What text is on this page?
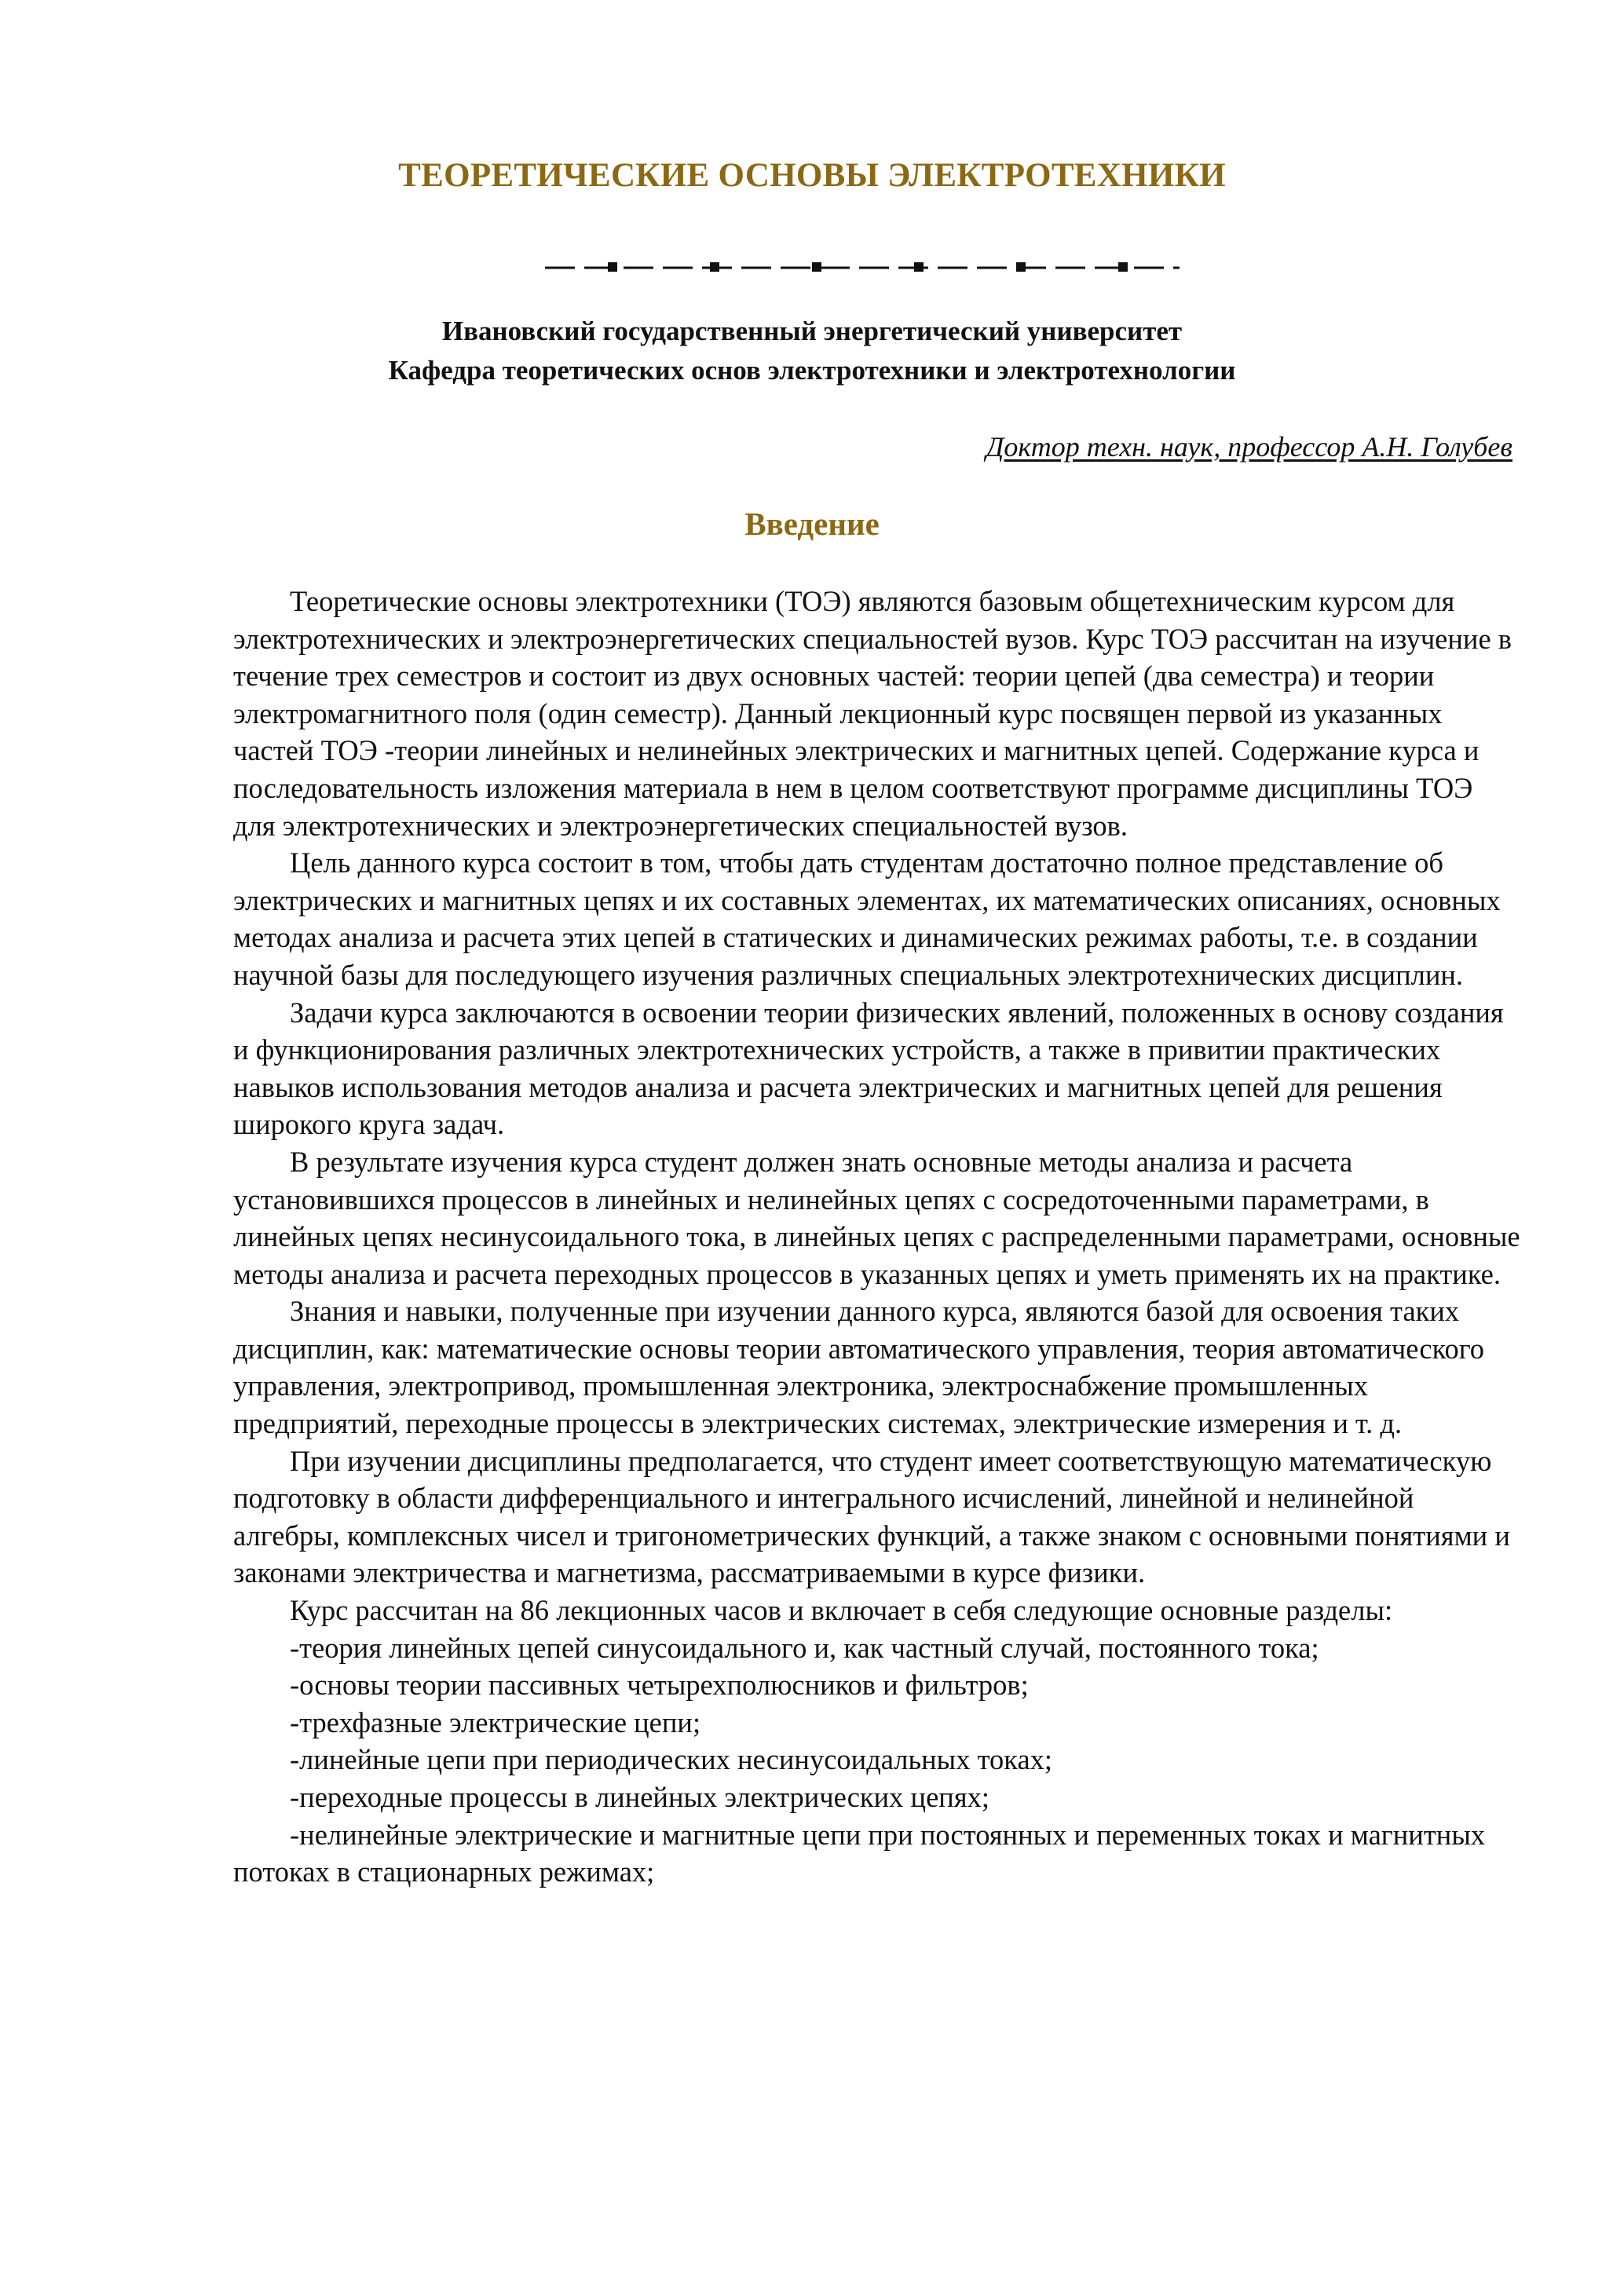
ТЕОРЕТИЧЕСКИЕ ОСНОВЫ ЭЛЕКТРОТЕХНИКИ

Ивановский государственный энергетический университет

Кафедра теоретических основ электротехники и электротехнологии

Доктор техн. наук, профессор А.Н. Голубев

Введение

Теоретические основы электротехники (ТОЭ) являются базовым общетехническим курсом для электротехнических и электроэнергетических специальностей вузов. Курс ТОЭ рассчитан на изучение в течение трех семестров и состоит из двух основных частей: теории цепей (два семестра) и теории электромагнитного поля (один семестр). Данный лекционный курс посвящен первой из указанных частей ТОЭ -теории линейных и нелинейных электрических и магнитных цепей. Содержание курса и последовательность изложения материала в нем в целом соответствуют программе дисциплины ТОЭ для электротехнических и электроэнергетических специальностей вузов.

Цель данного курса состоит в том, чтобы дать студентам достаточно полное представление об электрических и магнитных цепях и их составных элементах, их математических описаниях, основных методах анализа и расчета этих цепей в статических и динамических режимах работы, т.е. в создании научной базы для последующего изучения различных специальных электротехнических дисциплин.

Задачи курса заключаются в освоении теории физических явлений, положенных в основу создания и функционирования различных электротехнических устройств, а также в привитии практических навыков использования методов анализа и расчета электрических и магнитных цепей для решения широкого круга задач.

В результате изучения курса студент должен знать основные методы анализа и расчета установившихся процессов в линейных и нелинейных цепях с сосредоточенными параметрами, в линейных цепях несинусоидального тока, в линейных цепях с распределенными параметрами, основные методы анализа и расчета переходных процессов в указанных цепях и уметь применять их на практике.

Знания и навыки, полученные при изучении данного курса, являются базой для освоения таких дисциплин, как: математические основы теории автоматического управления, теория автоматического управления, электропривод, промышленная электроника, электроснабжение промышленных предприятий, переходные процессы в электрических системах, электрические измерения и т. д.

При изучении дисциплины предполагается, что студент имеет соответствующую математическую подготовку в области дифференциального и интегрального исчислений, линейной и нелинейной алгебры, комплексных чисел и тригонометрических функций, а также знаком с основными понятиями и законами электричества и магнетизма, рассматриваемыми в курсе физики.

Курс рассчитан на 86 лекционных часов и включает в себя следующие основные разделы:

-теория линейных цепей синусоидального и, как частный случай, постоянного тока;

-основы теории пассивных четырехполюсников и фильтров;

-трехфазные электрические цепи;

-линейные цепи при периодических несинусоидальных токах;

-переходные процессы в линейных электрических цепях;

-нелинейные электрические и магнитные цепи при постоянных и переменных токах и магнитных потоках в стационарных режимах;
